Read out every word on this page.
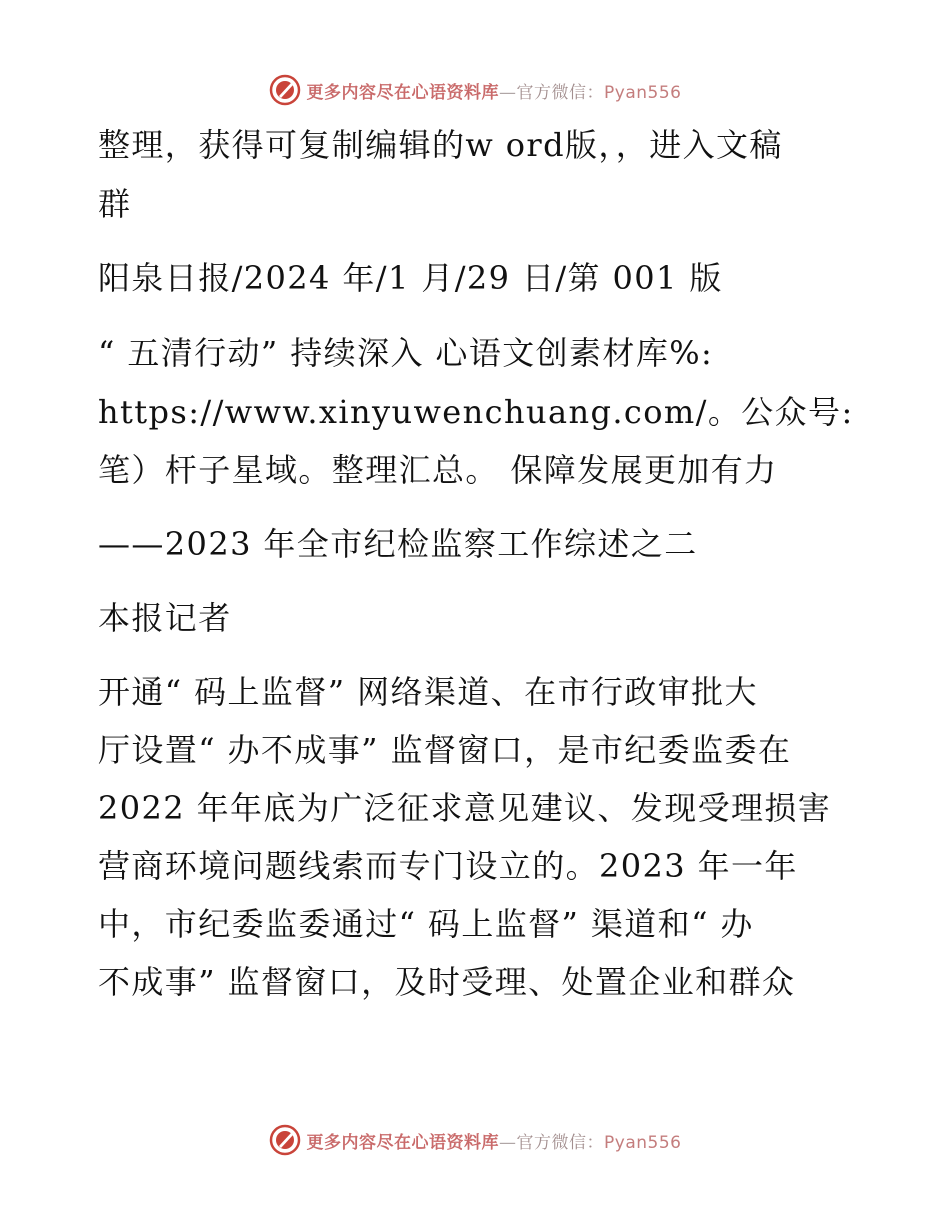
更多内容尽在心语资料库—官方微信：Pyan556
整理，获得可复制编辑的w ord版，，进入文稿
群
阳泉日报/2024 年/1 月/29 日/第 001 版
“ 五清行动” 持续深入 心语文创素材库%:
https://www.xinyuwenchuang.com/。公众号:
笔）杆子星域。整理汇总。 保障发展更加有力
——2023 年全市纪检监察工作综述之二
本报记者
开通“ 码上监督” 网络渠道、在市行政审批大
厅设置“ 办不成事” 监督窗口，是市纪委监委在
2022 年年底为广泛征求意见建议、发现受理损害
营商环境问题线索而专门设立的。2023 年一年
中，市纪委监委通过“ 码上监督” 渠道和“ 办
不成事” 监督窗口，及时受理、处置企业和群众
更多内容尽在心语资料库—官方微信：Pyan556
